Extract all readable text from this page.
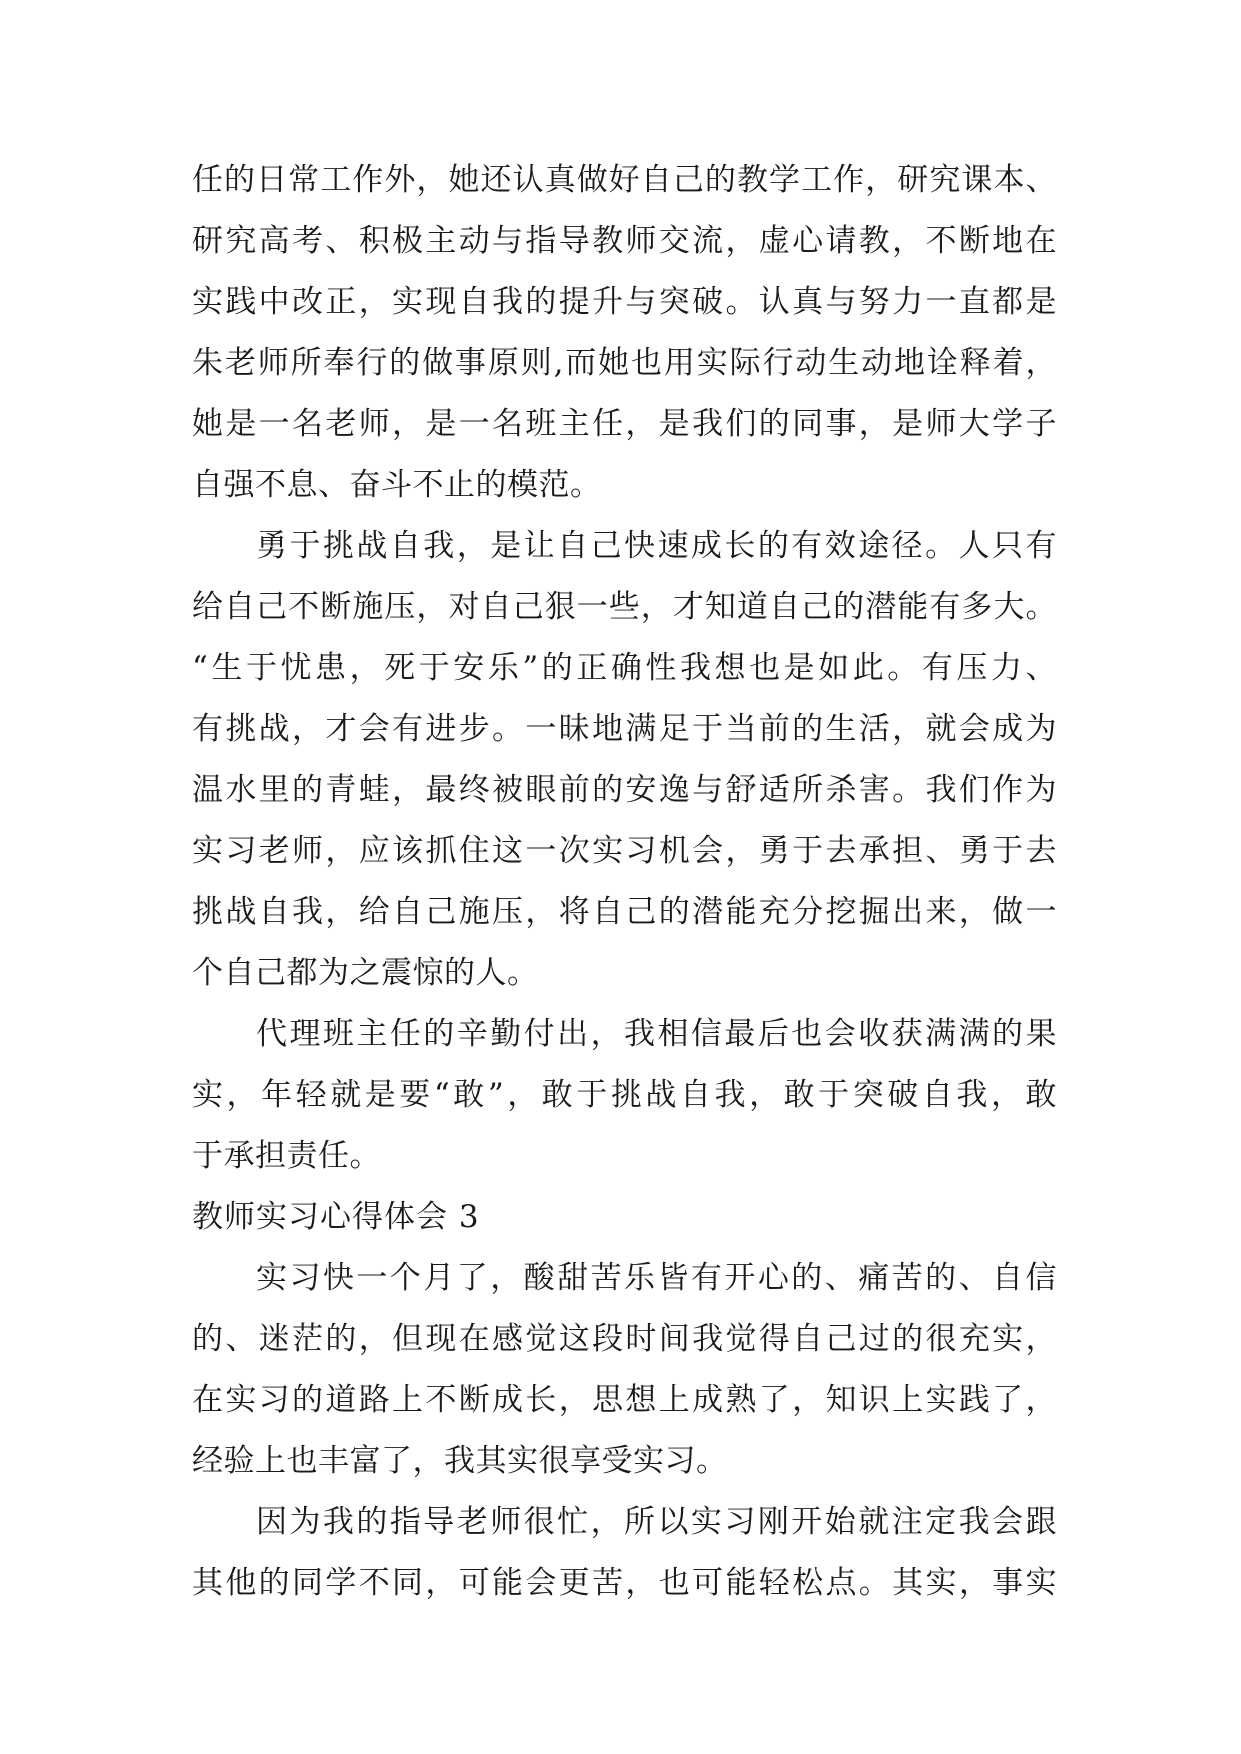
任的日常工作外，她还认真做好自己的教学工作，研究课本、
研究高考、积极主动与指导教师交流，虚心请教，不断地在
实践中改正，实现自我的提升与突破。认真与努力一直都是
朱老师所奉行的做事原则,而她也用实际行动生动地诠释着，
她是一名老师，是一名班主任，是我们的同事，是师大学子
自强不息、奋斗不止的模范。
勇于挑战自我，是让自己快速成长的有效途径。人只有
给自己不断施压，对自己狠一些，才知道自己的潜能有多大。
“生于忧患，死于安乐”的正确性我想也是如此。有压力、
有挑战，才会有进步。一昧地满足于当前的生活，就会成为
温水里的青蛙，最终被眼前的安逸与舒适所杀害。我们作为
实习老师，应该抓住这一次实习机会，勇于去承担、勇于去
挑战自我，给自己施压，将自己的潜能充分挖掘出来，做一
个自己都为之震惊的人。
代理班主任的辛勤付出，我相信最后也会收获满满的果
实，年轻就是要“敢”，敢于挑战自我，敢于突破自我，敢
于承担责任。
教师实习心得体会 3
实习快一个月了，酸甜苦乐皆有开心的、痛苦的、自信
的、迷茫的，但现在感觉这段时间我觉得自己过的很充实，
在实习的道路上不断成长，思想上成熟了，知识上实践了，
经验上也丰富了，我其实很享受实习。
因为我的指导老师很忙，所以实习刚开始就注定我会跟
其他的同学不同，可能会更苦，也可能轻松点。其实，事实
